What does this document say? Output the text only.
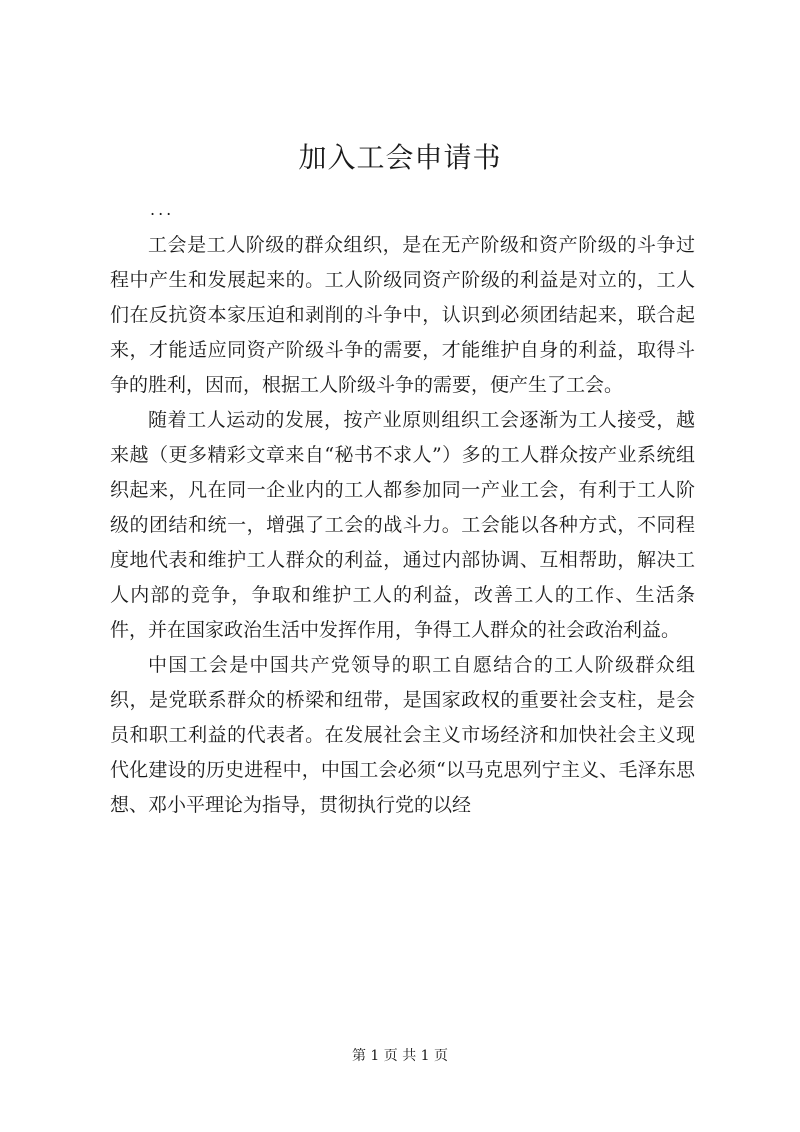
加入工会申请书

...

工会是工人阶级的群众组织，是在无产阶级和资产阶级的斗争过程中产生和发展起来的。工人阶级同资产阶级的利益是对立的，工人们在反抗资本家压迫和剥削的斗争中，认识到必须团结起来，联合起来，才能适应同资产阶级斗争的需要，才能维护自身的利益，取得斗争的胜利，因而，根据工人阶级斗争的需要，便产生了工会。

随着工人运动的发展，按产业原则组织工会逐渐为工人接受，越来越（更多精彩文章来自“秘书不求人”）多的工人群众按产业系统组织起来，凡在同一企业内的工人都参加同一产业工会，有利于工人阶级的团结和统一，增强了工会的战斗力。工会能以各种方式，不同程度地代表和维护工人群众的利益，通过内部协调、互相帮助，解决工人内部的竞争，争取和维护工人的利益，改善工人的工作、生活条件，并在国家政治生活中发挥作用，争得工人群众的社会政治利益。

中国工会是中国共产党领导的职工自愿结合的工人阶级群众组织，是党联系群众的桥梁和纽带，是国家政权的重要社会支柱，是会员和职工利益的代表者。在发展社会主义市场经济和加快社会主义现代化建设的历史进程中，中国工会必须“以马克思列宁主义、毛泽东思想、邓小平理论为指导，贯彻执行党的以经

第 1 页 共 1 页
